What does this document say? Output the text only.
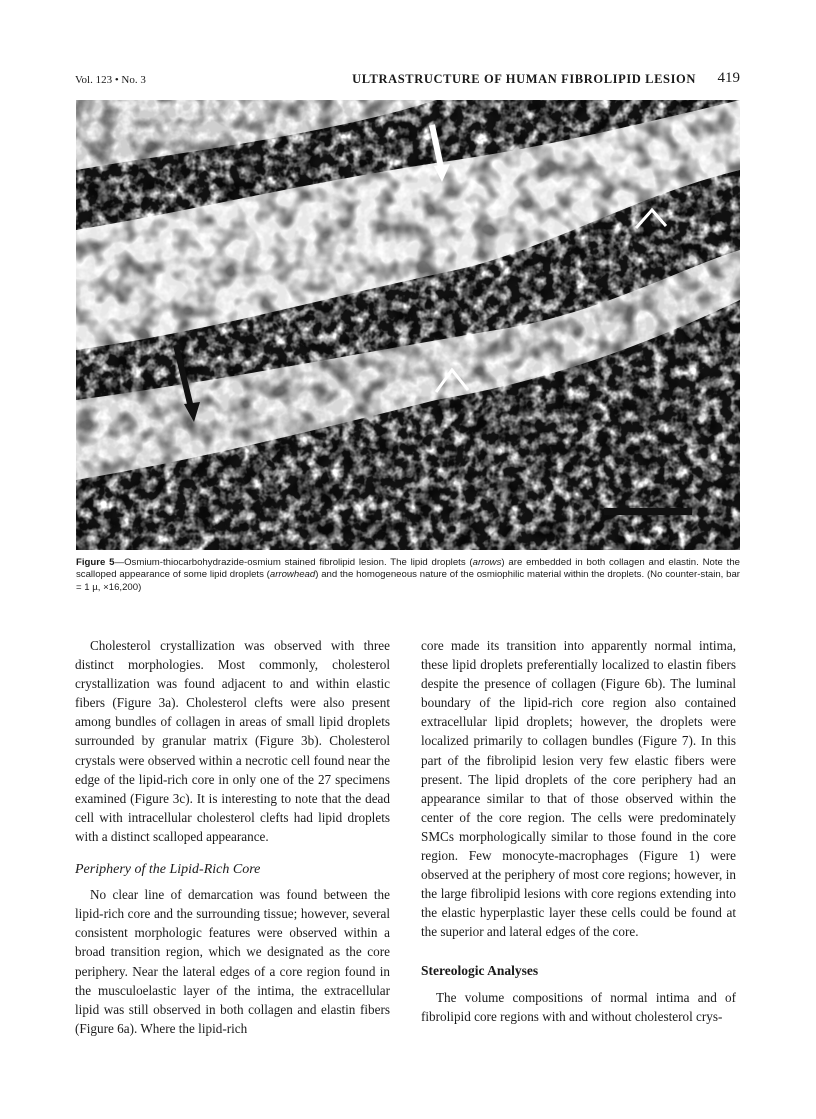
Vol. 123 • No. 3	ULTRASTRUCTURE OF HUMAN FIBROLIPID LESION 419
Figure 5—Osmium-thiocarbohydrazide-osmium stained fibrolipid lesion. The lipid droplets (arrows) are embedded in both collagen and elastin. Note the scalloped appearance of some lipid droplets (arrowhead) and the homogeneous nature of the osmiophilic material within the droplets. (No counter-stain, bar = 1 µ, ×16,200)

Cholesterol crystallization was observed with three distinct morphologies. Most commonly, cholesterol crystallization was found adjacent to and within elastic fibers (Figure 3a). Cholesterol clefts were also present among bundles of collagen in areas of small lipid droplets surrounded by granular matrix (Figure 3b). Cholesterol crystals were observed within a necrotic cell found near the edge of the lipid-rich core in only one of the 27 specimens examined (Figure 3c). It is interesting to note that the dead cell with intracellular cholesterol clefts had lipid droplets with a distinct scalloped appearance.

Periphery of the Lipid-Rich Core

No clear line of demarcation was found between the lipid-rich core and the surrounding tissue; however, several consistent morphologic features were observed within a broad transition region, which we designated as the core periphery. Near the lateral edges of a core region found in the musculoelastic layer of the intima, the extracellular lipid was still observed in both collagen and elastin fibers (Figure 6a). Where the lipid-rich

core made its transition into apparently normal intima, these lipid droplets preferentially localized to elastin fibers despite the presence of collagen (Figure 6b). The luminal boundary of the lipid-rich core region also contained extracellular lipid droplets; however, the droplets were localized primarily to collagen bundles (Figure 7). In this part of the fibrolipid lesion very few elastic fibers were present. The lipid droplets of the core periphery had an appearance similar to that of those observed within the center of the core region. The cells were predominately SMCs morphologically similar to those found in the core region. Few monocyte-macrophages (Figure 1) were observed at the periphery of most core regions; however, in the large fibrolipid lesions with core regions extending into the elastic hyperplastic layer these cells could be found at the superior and lateral edges of the core.

Stereologic Analyses

The volume compositions of normal intima and of fibrolipid core regions with and without cholesterol crys-
